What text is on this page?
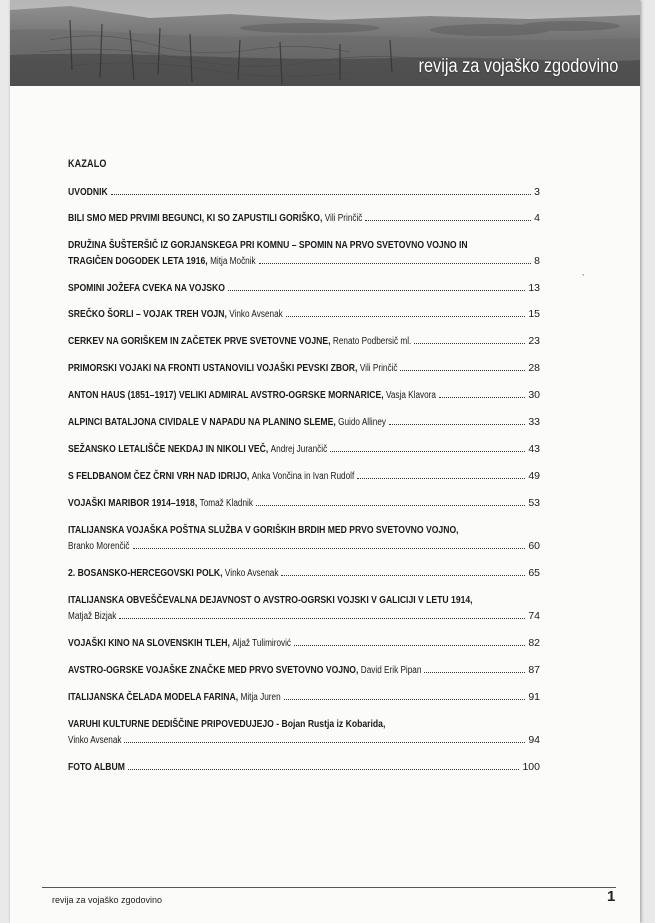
revija za vojaško zgodovino
KAZALO
UVODNIK	3
BILI SMO MED PRVIMI BEGUNCI, KI SO ZAPUSTILI GORIŠKO, Vili Prinčič	4
DRUŽINA ŠUŠTERŠIČ IZ GORJANSKEGA PRI KOMNU – SPOMIN NA PRVO SVETOVNO VOJNO IN
TRAGIČEN DOGODEK LETA 1916, Mitja Močnik	8
SPOMINI JOŽEFA CVEKA NA VOJSKO	13
SREČKO ŠORLI – VOJAK TREH VOJN, Vinko Avsenak	15
CERKEV NA GORIŠKEM IN ZAČETEK PRVE SVETOVNE VOJNE, Renato Podbersič ml.	23
PRIMORSKI VOJAKI NA FRONTI USTANOVILI VOJAŠKI PEVSKI ZBOR, Vili Prinčič	28
ANTON HAUS (1851–1917) VELIKI ADMIRAL AVSTRO-OGRSKE MORNARICE, Vasja Klavora	30
ALPINCI BATALJONA CIVIDALE V NAPADU NA PLANINO SLEME, Guido Alliney	33
SEŽANSKO LETALIŠČE NEKDAJ IN NIKOLI VEČ, Andrej Jurančič	43
S FELDBANOM ČEZ ČRNI VRH NAD IDRIJO, Anka Vončina in Ivan Rudolf	49
VOJAŠKI MARIBOR 1914–1918, Tomaž Kladnik	53
ITALIJANSKA VOJAŠKA POŠTNA SLUŽBA V GORIŠKIH BRDIH MED PRVO SVETOVNO VOJNO,
Branko Morenčič	60
2. BOSANSKO-HERCEGOVSKI POLK, Vinko Avsenak	65
ITALIJANSKA OBVEŠČEVALNA DEJAVNOST O AVSTRO-OGRSKI VOJSKI V GALICIJI V LETU 1914,
Matjaž Bizjak	74
VOJAŠKI KINO NA SLOVENSKIH TLEH, Aljaž Tulimirović	82
AVSTRO-OGRSKE VOJAŠKE ZNAČKE MED PRVO SVETOVNO VOJNO, David Erik Pipan	87
ITALIJANSKA ČELADA MODELA FARINA, Mitja Juren	91
VARUHI KULTURNE DEDIŠČINE PRIPOVEDUJEJO - Bojan Rustja iz Kobarida,
Vinko Avsenak	94
FOTO ALBUM	100
,
revija za vojaško zgodovino	1
